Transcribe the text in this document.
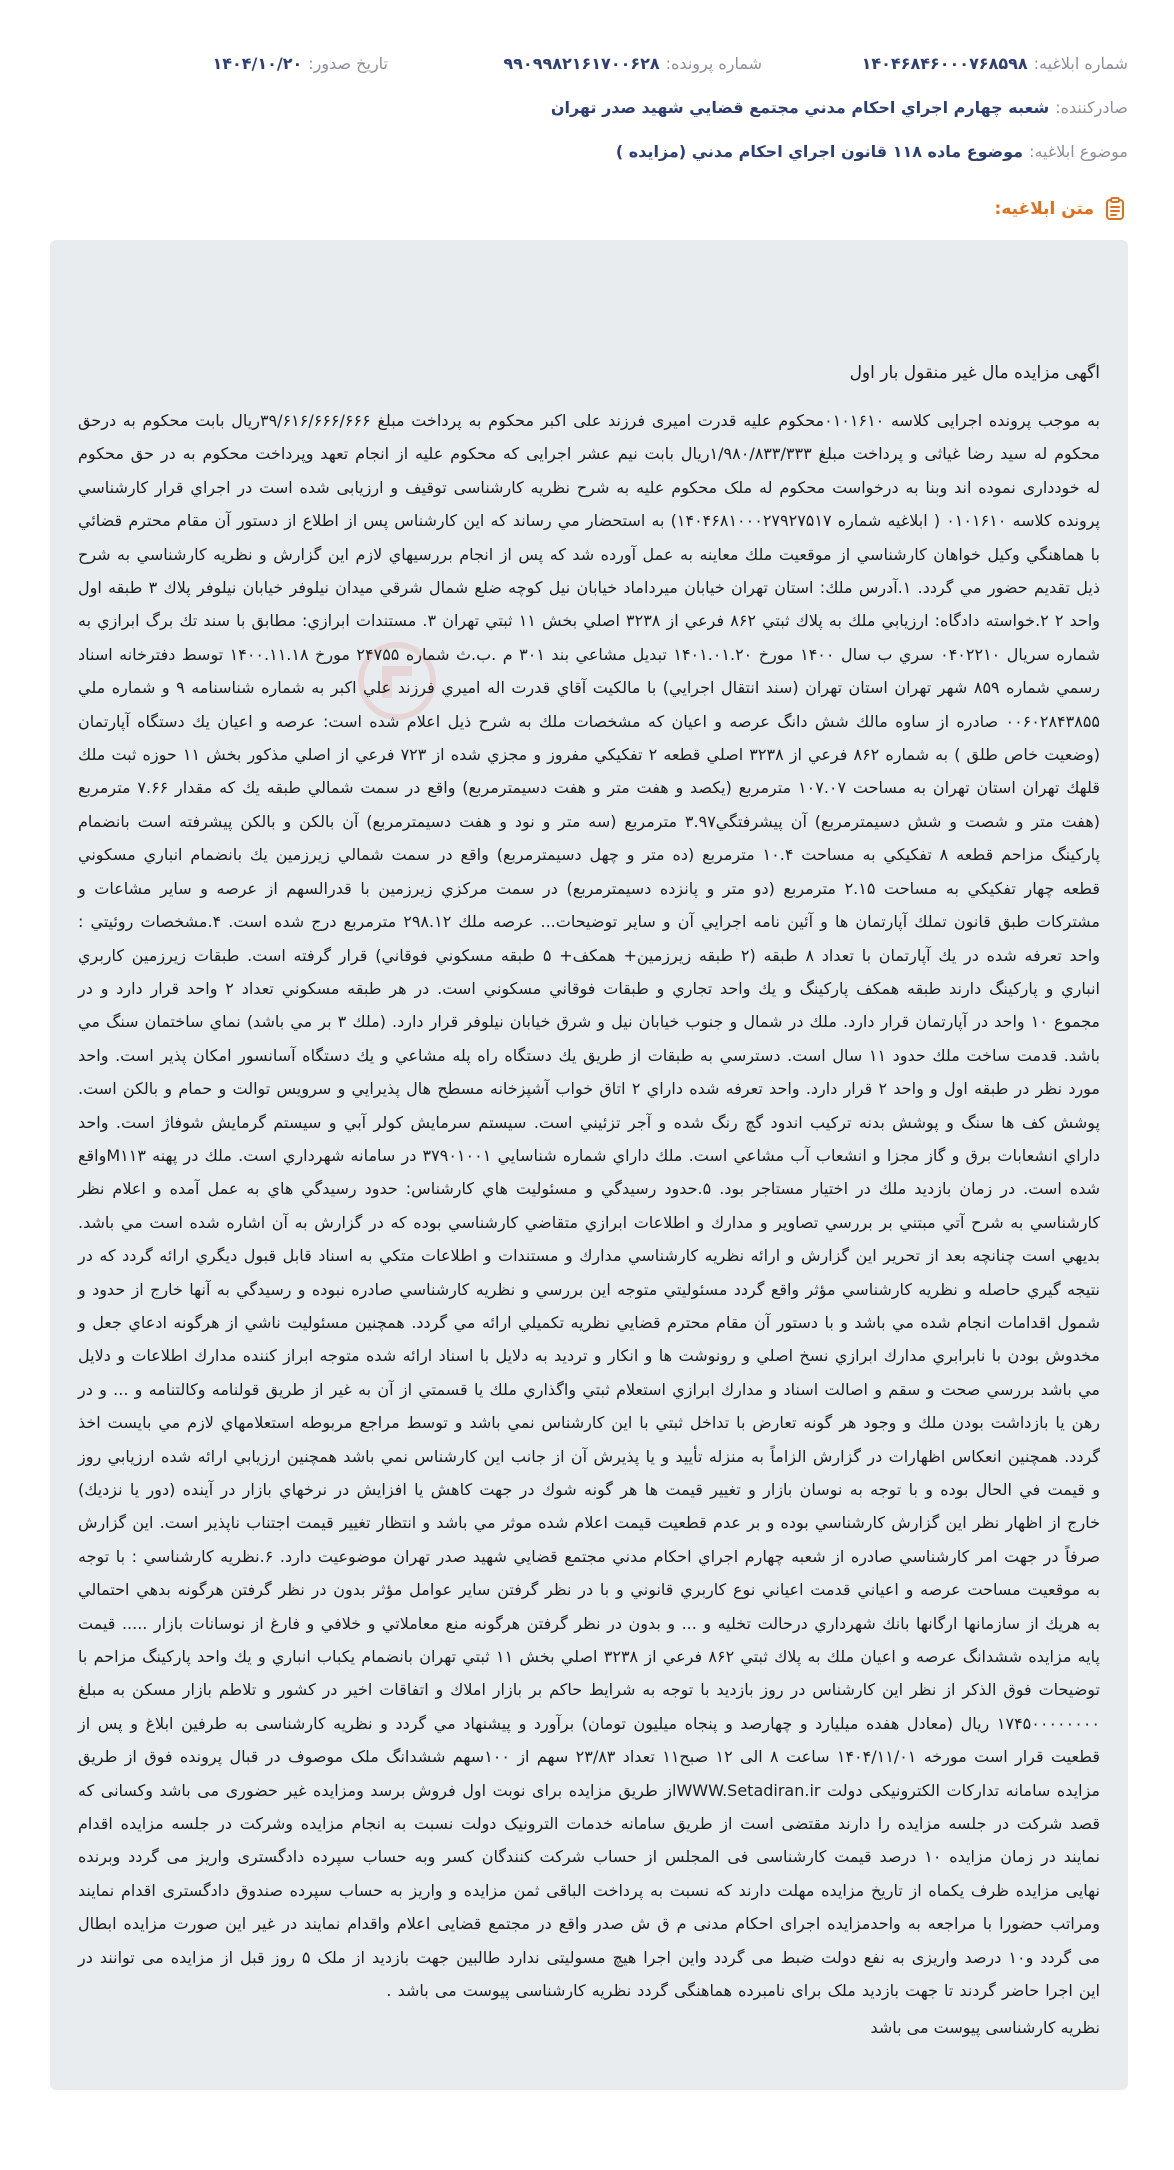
شماره ابلاغیه:
۱۴۰۴۶۸۴۶۰۰۰۷۶۸۵۹۸
شماره پرونده:
۹۹۰۹۹۸۲۱۶۱۷۰۰۶۲۸
تاریخ صدور:
۱۴۰۴/۱۰/۲۰
صادرکننده:
شعبه چهارم اجراي احكام مدني مجتمع قضايي شهيد صدر تهران
موضوع ابلاغیه:
موضوع ماده ۱۱۸ قانون اجراي احکام مدني (مزايده )
متن ابلاغیه:
اگهی مزایده مال غیر منقول بار اول
به موجب پرونده اجرایی کلاسه ۰۱۰۱۶۱۰محکوم علیه قدرت امیری فرزند علی اکبر محکوم به پرداخت مبلغ ۳۹/۶۱۶/۶۶۶/۶۶۶ریال بابت محکوم به درحق محکوم له سید رضا غیاثی و پرداخت مبلغ ۱/۹۸۰/۸۳۳/۳۳۳ریال بابت نیم عشر اجرایی که محکوم علیه از انجام تعهد وپرداخت محکوم به در حق محکوم له خودداری نموده اند وبنا به درخواست محکوم له ملک محکوم علیه به شرح نظریه کارشناسی توقیف و ارزیابی شده است در اجراي قرار كارشناسي پرونده كلاسه ۰۱۰۱۶۱۰ ( ابلاغيه شماره ۱۴۰۴۶۸۱۰۰۰۲۷۹۲۷۵۱۷) به استحضار مي رساند كه اين كارشناس پس از اطلاع از دستور آن مقام محترم قضائي با هماهنگي وكيل خواهان كارشناسي از موقعيت ملك معاينه به عمل آورده شد كه پس از انجام بررسيهاي لازم اين گزارش و نظريه كارشناسي به شرح ذيل تقديم حضور مي گردد. ۱.آدرس ملك: استان تهران خيابان ميرداماد خيابان نيل كوچه ضلع شمال شرقي ميدان نيلوفر خيابان نيلوفر پلاك ۳ طبقه اول واحد ۲ ۲.خواسته دادگاه: ارزيابي ملك به پلاك ثبتي ۸۶۲ فرعي از ۳۲۳۸ اصلي بخش ۱۱ ثبتي تهران ۳. مستندات ابرازي: مطابق با سند تك برگ ابرازي به شماره سريال ۰۴۰۲۲۱۰ سري ب سال ۱۴۰۰ مورخ ۱۴۰۱.۰۱.۲۰ تبديل مشاعي بند ۳۰۱ م .ب.ث شماره ۲۴۷۵۵ مورخ ۱۴۰۰.۱۱.۱۸ توسط دفترخانه اسناد رسمي شماره ۸۵۹ شهر تهران استان تهران (سند انتقال اجرايي) با مالكيت آقاي قدرت اله اميري فرزند علي اكبر به شماره شناسنامه ۹ و شماره ملي ۰۰۶۰۲۸۴۳۸۵۵ صادره از ساوه مالك شش دانگ عرصه و اعيان كه مشخصات ملك به شرح ذيل اعلام شده است: عرصه و اعيان يك دستگاه آپارتمان (وضعيت خاص طلق ) به شماره ۸۶۲ فرعي از ۳۲۳۸ اصلي قطعه ۲ تفكيكي مفروز و مجزي شده از ۷۲۳ فرعي از اصلي مذكور بخش ۱۱ حوزه ثبت ملك قلهك تهران استان تهران به مساحت ۱۰۷.۰۷ مترمربع (يكصد و هفت متر و هفت دسيمترمربع) واقع در سمت شمالي طبقه يك كه مقدار ۷.۶۶ مترمربع (هفت متر و شصت و شش دسيمترمربع) آن پيشرفتگي۳.۹۷ مترمربع (سه متر و نود و هفت دسيمترمربع) آن بالكن و بالكن پيشرفته است بانضمام پاركينگ مزاحم قطعه ۸ تفكيكي به مساحت ۱۰.۴ مترمربع (ده متر و چهل دسيمترمربع) واقع در سمت شمالي زيرزمين يك بانضمام انباري مسكوني قطعه چهار تفكيكي به مساحت ۲.۱۵ مترمربع (دو متر و پانزده دسيمترمربع) در سمت مركزي زيرزمين با قدرالسهم از عرصه و ساير مشاعات و مشتركات طبق قانون تملك آپارتمان ها و آئين نامه اجرايي آن و ساير توضيحات... عرصه ملك ۲۹۸.۱۲ مترمربع درج شده است. ۴.مشخصات روئيتي : واحد تعرفه شده در يك آپارتمان با تعداد ۸ طبقه (۲ طبقه زيرزمين+ همكف+ ۵ طبقه مسكوني فوقاني) قرار گرفته است. طبقات زيرزمين كاربري انباري و پاركينگ دارند طبقه همكف پاركينگ و يك واحد تجاري و طبقات فوقاني مسكوني است. در هر طبقه مسكوني تعداد ۲ واحد قرار دارد و در مجموع ۱۰ واحد در آپارتمان قرار دارد. ملك در شمال و جنوب خيابان نيل و شرق خيابان نيلوفر قرار دارد. (ملك ۳ بر مي باشد) نماي ساختمان سنگ مي باشد. قدمت ساخت ملك حدود ۱۱ سال است. دسترسي به طبقات از طريق يك دستگاه راه پله مشاعي و يك دستگاه آسانسور امكان پذير است. واحد مورد نظر در طبقه اول و واحد ۲ قرار دارد. واحد تعرفه شده داراي ۲ اتاق خواب آشپزخانه مسطح هال پذيرايي و سرويس توالت و حمام و بالكن است. پوشش كف ها سنگ و پوشش بدنه تركيب اندود گچ رنگ شده و آجر تزئيني است. سيستم سرمايش كولر آبي و سيستم گرمايش شوفاژ است. واحد داراي انشعابات برق و گاز مجزا و انشعاب آب مشاعي است. ملك داراي شماره شناسايي ۳۷۹۰۱۰۰۱ در سامانه شهرداري است. ملك در پهنه M۱۱۳واقع شده است. در زمان بازديد ملك در اختيار مستاجر بود. ۵.حدود رسيدگي و مسئوليت هاي كارشناس: حدود رسيدگي هاي به عمل آمده و اعلام نظر كارشناسي به شرح آتي مبتني بر بررسي تصاوير و مدارك و اطلاعات ابرازي متقاضي كارشناسي بوده كه در گزارش به آن اشاره شده است مي باشد. بديهي است چنانچه بعد از تحرير اين گزارش و ارائه نظريه كارشناسي مدارك و مستندات و اطلاعات متكي به اسناد قابل قبول ديگري ارائه گردد كه در نتيجه گيري حاصله و نظريه كارشناسي مؤثر واقع گردد مسئوليتي متوجه اين بررسي و نظريه كارشناسي صادره نبوده و رسيدگي به آنها خارج از حدود و شمول اقدامات انجام شده مي باشد و با دستور آن مقام محترم قضايي نظريه تكميلي ارائه مي گردد. همچنين مسئوليت ناشي از هرگونه ادعاي جعل و مخدوش بودن با نابرابري مدارك ابرازي نسخ اصلي و رونوشت ها و انكار و ترديد به دلايل با اسناد ارائه شده متوجه ابراز كننده مدارك اطلاعات و دلايل مي باشد بررسي صحت و سقم و اصالت اسناد و مدارك ابرازي استعلام ثبتي واگذاري ملك يا قسمتي از آن به غير از طريق قولنامه وكالتنامه و ... و در رهن يا بازداشت بودن ملك و وجود هر گونه تعارض با تداخل ثبتي با اين كارشناس نمي باشد و توسط مراجع مربوطه استعلامهاي لازم مي بايست اخذ گردد. همچنين انعكاس اظهارات در گزارش الزاماً به منزله تأييد و يا پذيرش آن از جانب اين كارشناس نمي باشد همچنين ارزيابي ارائه شده ارزيابي روز و قيمت في الحال بوده و با توجه به نوسان بازار و تغيير قيمت ها هر گونه شوك در جهت كاهش يا افزايش در نرخهاي بازار در آينده (دور يا نزديك) خارج از اظهار نظر اين گزارش كارشناسي بوده و بر عدم قطعيت قيمت اعلام شده موثر مي باشد و انتظار تغيير قيمت اجتناب ناپذير است. اين گزارش صرفاً در جهت امر كارشناسي صادره از شعبه چهارم اجراي احكام مدني مجتمع قضايي شهيد صدر تهران موضوعيت دارد. ۶.نظريه كارشناسي : با توجه به موقعيت مساحت عرصه و اعياني قدمت اعياني نوع كاربري قانوني و با در نظر گرفتن ساير عوامل مؤثر بدون در نظر گرفتن هرگونه بدهي احتمالي به هريك از سازمانها ارگانها بانك شهرداري درحالت تخليه و ... و بدون در نظر گرفتن هرگونه منع معاملاتي و خلافي و فارغ از نوسانات بازار ..... قيمت پايه مزايده ششدانگ عرصه و اعيان ملك به پلاك ثبتي ۸۶۲ فرعي از ۳۲۳۸ اصلي بخش ۱۱ ثبتي تهران بانضمام يكباب انباري و يك واحد پاركينگ مزاحم با توضيحات فوق الذكر از نظر اين كارشناس در روز بازديد با توجه به شرايط حاكم بر بازار املاك و اتفاقات اخير در كشور و تلاطم بازار مسكن به مبلغ ۱۷۴۵۰۰۰۰۰۰۰۰ ريال (معادل هفده ميليارد و چهارصد و پنجاه ميليون تومان) برآورد و پيشنهاد مي گردد و نظريه کارشناسی به طرفین ابلاغ و پس از قطعیت قرار است مورخه ۱۴۰۴/۱۱/۰۱ ساعت ۸ الی ۱۲ صبح۱۱ تعداد ۲۳/۸۳ سهم از ۱۰۰سهم ششدانگ ملک موصوف در قبال پرونده فوق از طریق مزایده سامانه تدارکات الکترونیکی دولت WWW.Setadiran.irاز طریق مزایده برای نوبت اول فروش برسد ومزایده غیر حضوری می باشد وکسانی که قصد شرکت در جلسه مزایده را دارند مقتضی است از طریق سامانه خدمات الترونیک دولت نسبت به انجام مزایده وشرکت در جلسه مزایده اقدام نمایند در زمان مزایده ۱۰ درصد قیمت کارشناسی فی المجلس از حساب شرکت کنندگان کسر وبه حساب سپرده دادگستری واریز می گردد وبرنده نهایی مزایده ظرف یکماه از تاریخ مزایده مهلت دارند که نسبت به پرداخت الباقی ثمن مزایده و واریز به حساب سپرده صندوق دادگستری اقدام نمایند ومراتب حضورا با مراجعه به واحدمزایده اجرای احکام مدنی م ق ش صدر واقع در مجتمع قضایی اعلام واقدام نمایند در غیر این صورت مزایده ابطال می گردد و۱۰ درصد واریزی به نفع دولت ضبط می گردد واین اجرا هیچ مسولیتی ندارد طالبین جهت بازدید از ملک ۵ روز قبل از مزایده می توانند در این اجرا حاضر گردند تا جهت بازدید ملک برای نامبرده هماهنگی گردد نظریه کارشناسی پیوست می باشد .
نظریه کارشناسی پیوست می باشد
